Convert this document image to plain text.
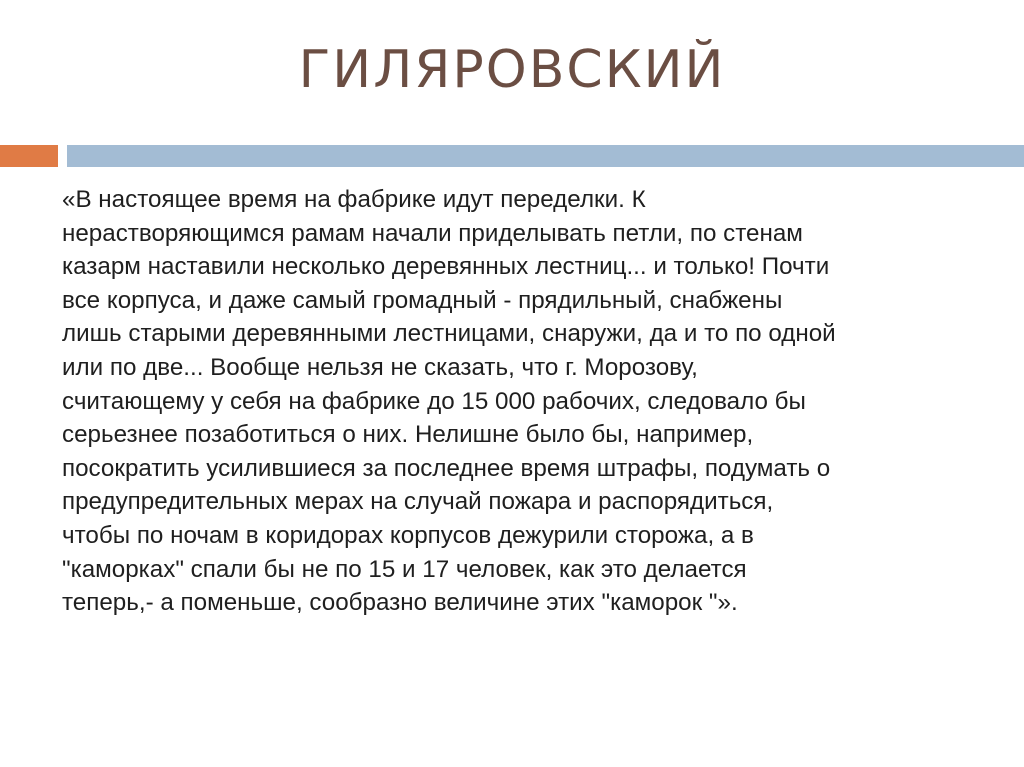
ГИЛЯРОВСКИЙ
«В настоящее время на фабрике идут переделки. К
нерастворяющимся рамам начали приделывать петли, по стенам
казарм наставили несколько деревянных лестниц... и только! Почти
все корпуса, и даже самый громадный - прядильный, снабжены
лишь старыми деревянными лестницами, снаружи, да и то по одной
или по две... Вообще нельзя не сказать, что г. Морозову,
считающему у себя на фабрике до 15 000 рабочих, следовало бы
серьезнее позаботиться о них. Нелишне было бы, например,
посократить усилившиеся за последнее время штрафы, подумать о
предупредительных мерах на случай пожара и распорядиться,
чтобы по ночам в коридорах корпусов дежурили сторожа, а в
"каморках" спали бы не по 15 и 17 человек, как это делается
теперь,- а поменьше, сообразно величине этих "каморок "».
